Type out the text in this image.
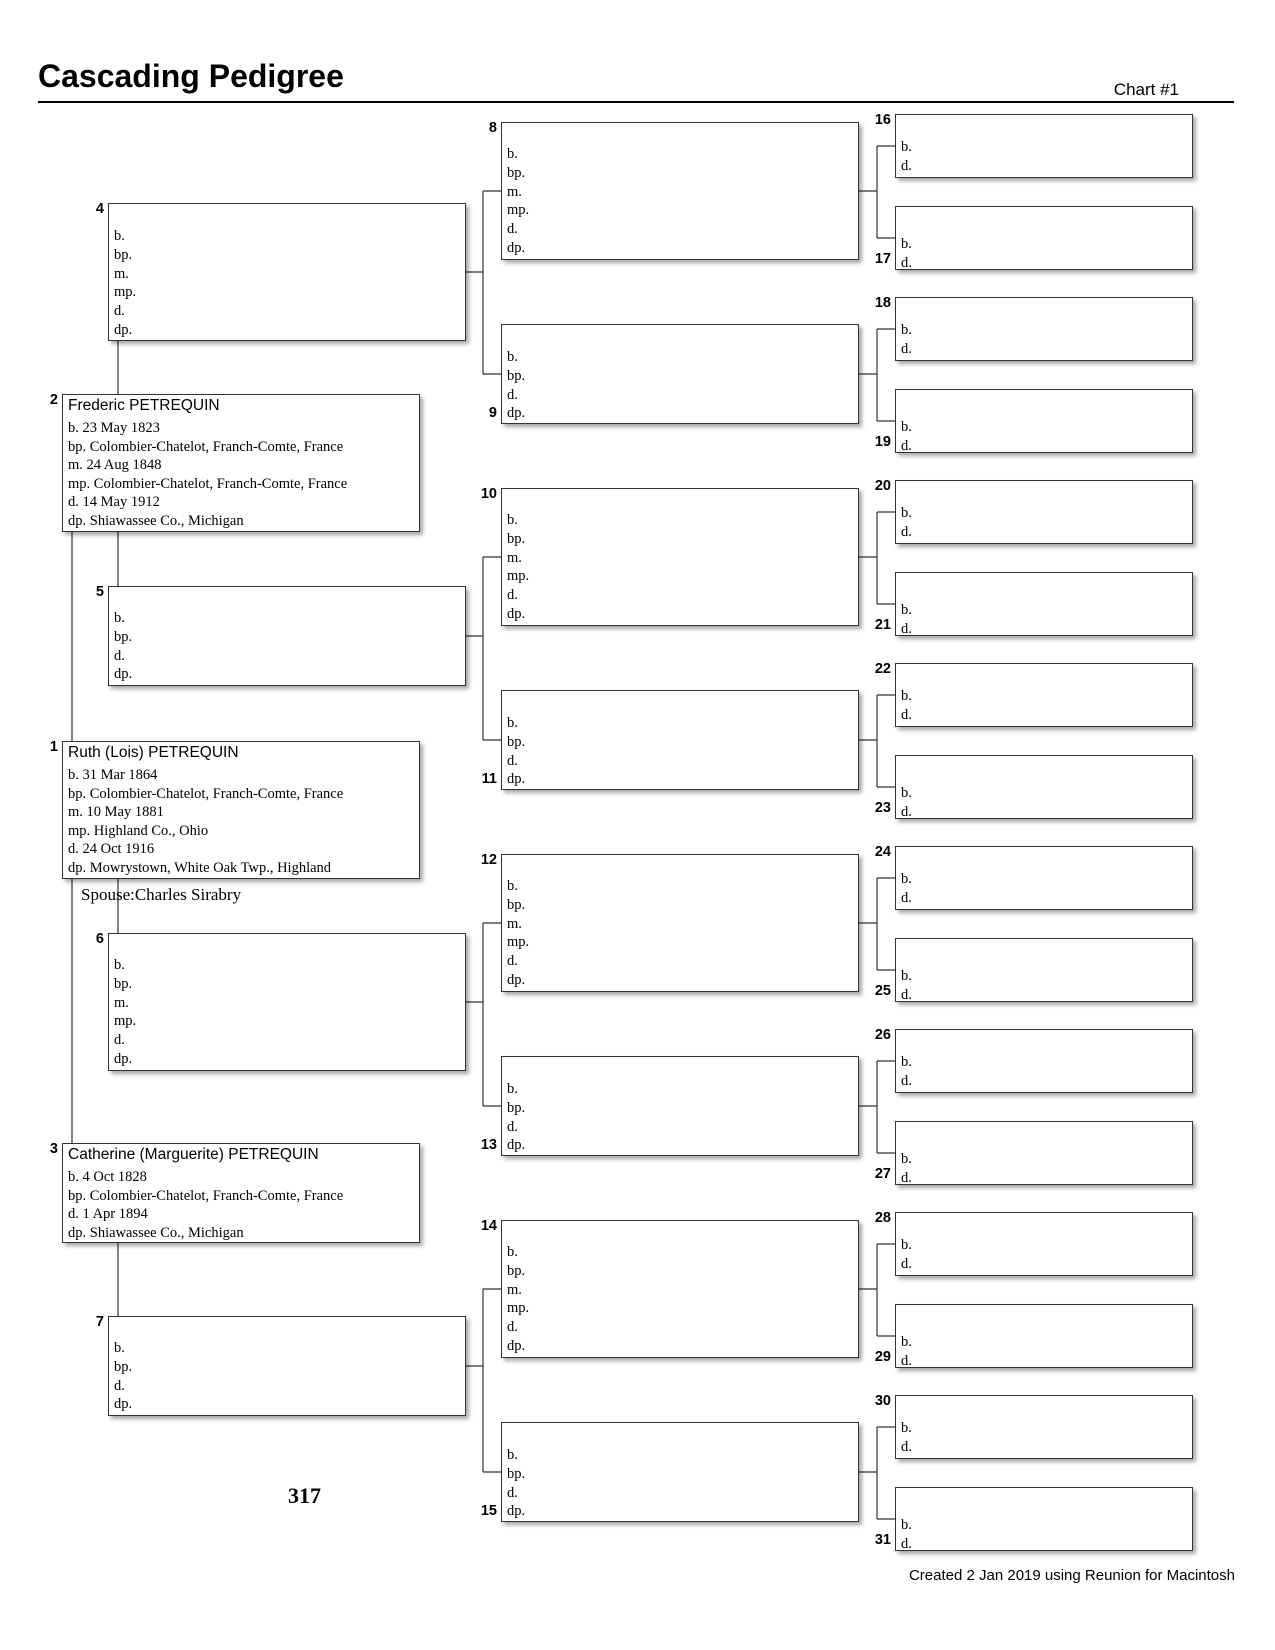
Cascading Pedigree	Chart #1
Ruth (Lois) PETREQUIN
b. 31 Mar 1864
bp. Colombier-Chatelot, Franch-Comte, France
m. 10 May 1881
mp. Highland Co., Ohio
d. 24 Oct 1916
dp. Mowrystown, White Oak Twp., Highland
1
Frederic PETREQUIN
b. 23 May 1823
bp. Colombier-Chatelot, Franch-Comte, France
m. 24 Aug 1848
mp. Colombier-Chatelot, Franch-Comte, France
d. 14 May 1912
dp. Shiawassee Co., Michigan
2
Catherine (Marguerite) PETREQUIN
b. 4 Oct 1828
bp. Colombier-Chatelot, Franch-Comte, France
d. 1 Apr 1894
dp. Shiawassee Co., Michigan
3
b.
bp.
m.
mp.
d.
dp.
4
b.
bp.
d.
dp.
5
b.
bp.
m.
mp.
d.
dp.
6
b.
bp.
d.
dp.
7
b.
bp.
m.
mp.
d.
dp.
8
b.
bp.
d.
dp.
9
b.
bp.
m.
mp.
d.
dp.
10
b.
bp.
d.
dp.
11
b.
bp.
m.
mp.
d.
dp.
12
b.
bp.
d.
dp.
13
b.
bp.
m.
mp.
d.
dp.
14
b.
bp.
d.
dp.
15
b.
d.
16
b.
d.
17
b.
d.
18
b.
d.
19
b.
d.
20
b.
d.
21
b.
d.
22
b.
d.
23
b.
d.
24
b.
d.
25
b.
d.
26
b.
d.
27
b.
d.
28
b.
d.
29
b.
d.
30
b.
d.
31
Spouse:Charles Sirabry
317
Created 2 Jan 2019 using Reunion for Macintosh
